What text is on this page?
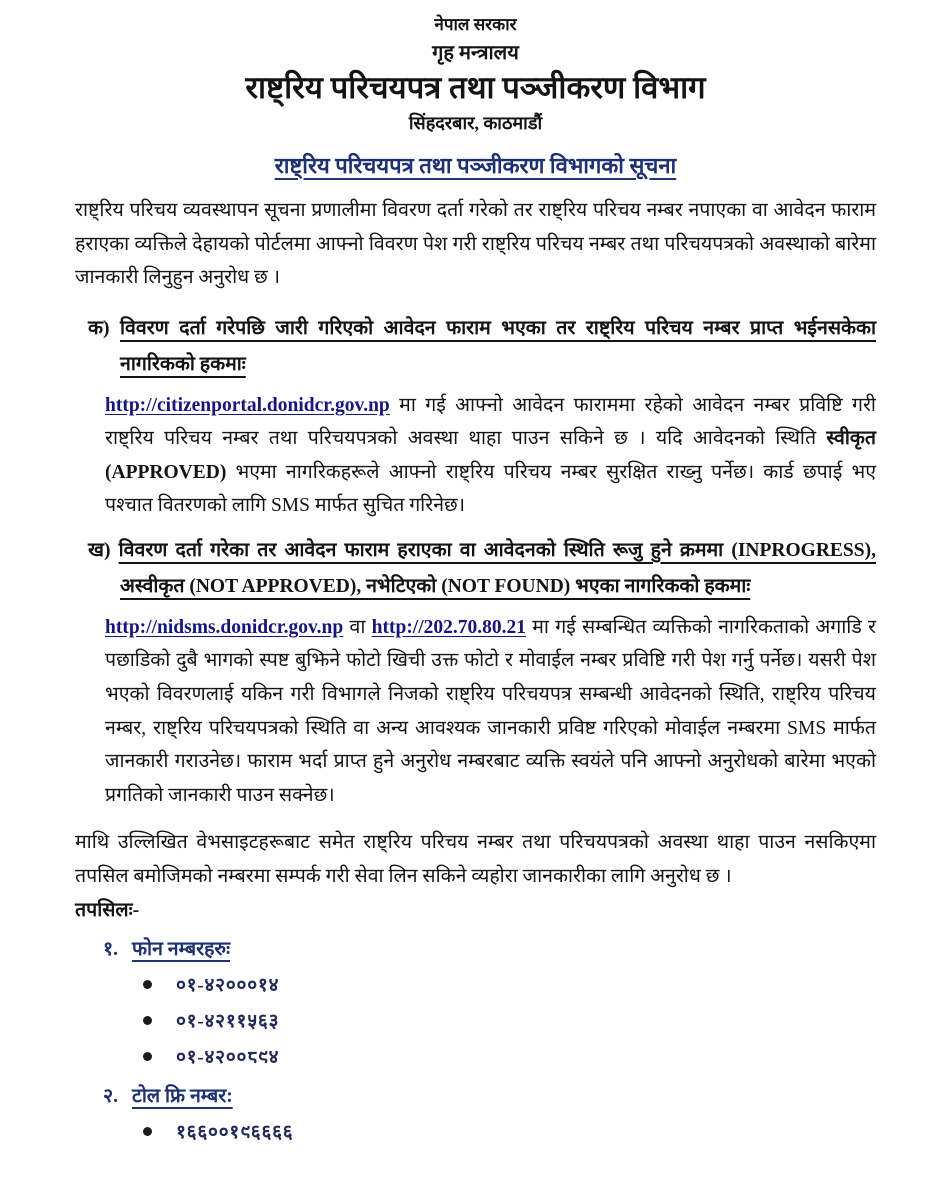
नेपाल सरकार
गृह मन्त्रालय
राष्ट्रिय परिचयपत्र तथा पञ्जीकरण विभाग
सिंहदरबार, काठमाडौं
राष्ट्रिय परिचयपत्र तथा पञ्जीकरण विभागको सूचना

राष्ट्रिय परिचय व्यवस्थापन सूचना प्रणालीमा विवरण दर्ता गरेको तर राष्ट्रिय परिचय नम्बर नपाएका वा आवेदन फाराम हराएका व्यक्तिले देहायको पोर्टलमा आफ्नो विवरण पेश गरी राष्ट्रिय परिचय नम्बर तथा परिचयपत्रको अवस्थाको बारेमा जानकारी लिनुहुन अनुरोध छ ।

क) विवरण दर्ता गरेपछि जारी गरिएको आवेदन फाराम भएका तर राष्ट्रिय परिचय नम्बर प्राप्त भईनसकेका नागरिकको हकमाः

http://citizenportal.donidcr.gov.np मा गई आफ्नो आवेदन फाराममा रहेको आवेदन नम्बर प्रविष्टि गरी राष्ट्रिय परिचय नम्बर तथा परिचयपत्रको अवस्था थाहा पाउन सकिने छ । यदि आवेदनको स्थिति स्वीकृत (APPROVED) भएमा नागरिकहरूले आफ्नो राष्ट्रिय परिचय नम्बर सुरक्षित राख्नु पर्नेछ। कार्ड छपाई भए पश्चात वितरणको लागि SMS मार्फत सुचित गरिनेछ।

ख) विवरण दर्ता गरेका तर आवेदन फाराम हराएका वा आवेदनको स्थिति रूजु हुने क्रममा (INPROGRESS), अस्वीकृत (NOT APPROVED), नभेटिएको (NOT FOUND) भएका नागरिकको हकमाः

http://nidsms.donidcr.gov.np वा http://202.70.80.21 मा गई सम्बन्धित व्यक्तिको नागरिकताको अगाडि र पछाडिको दुबै भागको स्पष्ट बुझिने फोटो खिची उक्त फोटो र मोवाईल नम्बर प्रविष्टि गरी पेश गर्नु पर्नेछ। यसरी पेश भएको विवरणलाई यकिन गरी विभागले निजको राष्ट्रिय परिचयपत्र सम्बन्धी आवेदनको स्थिति, राष्ट्रिय परिचय नम्बर, राष्ट्रिय परिचयपत्रको स्थिति वा अन्य आवश्यक जानकारी प्रविष्ट गरिएको मोवाईल नम्बरमा SMS मार्फत जानकारी गराउनेछ। फाराम भर्दा प्राप्त हुने अनुरोध नम्बरबाट व्यक्ति स्वयंले पनि आफ्नो अनुरोधको बारेमा भएको प्रगतिको जानकारी पाउन सक्नेछ।

माथि उल्लिखित वेभसाइटहरूबाट समेत राष्ट्रिय परिचय नम्बर तथा परिचयपत्रको अवस्था थाहा पाउन नसकिएमा तपसिल बमोजिमको नम्बरमा सम्पर्क गरी सेवा लिन सकिने व्यहोरा जानकारीका लागि अनुरोध छ ।

तपसिलः-
१. फोन नम्बरहरुः
०१-४२०००१४
०१-४२११५६३
०१-४२००८९४
२. टोल फ्रि नम्बर:
१६६००१९६६६६
